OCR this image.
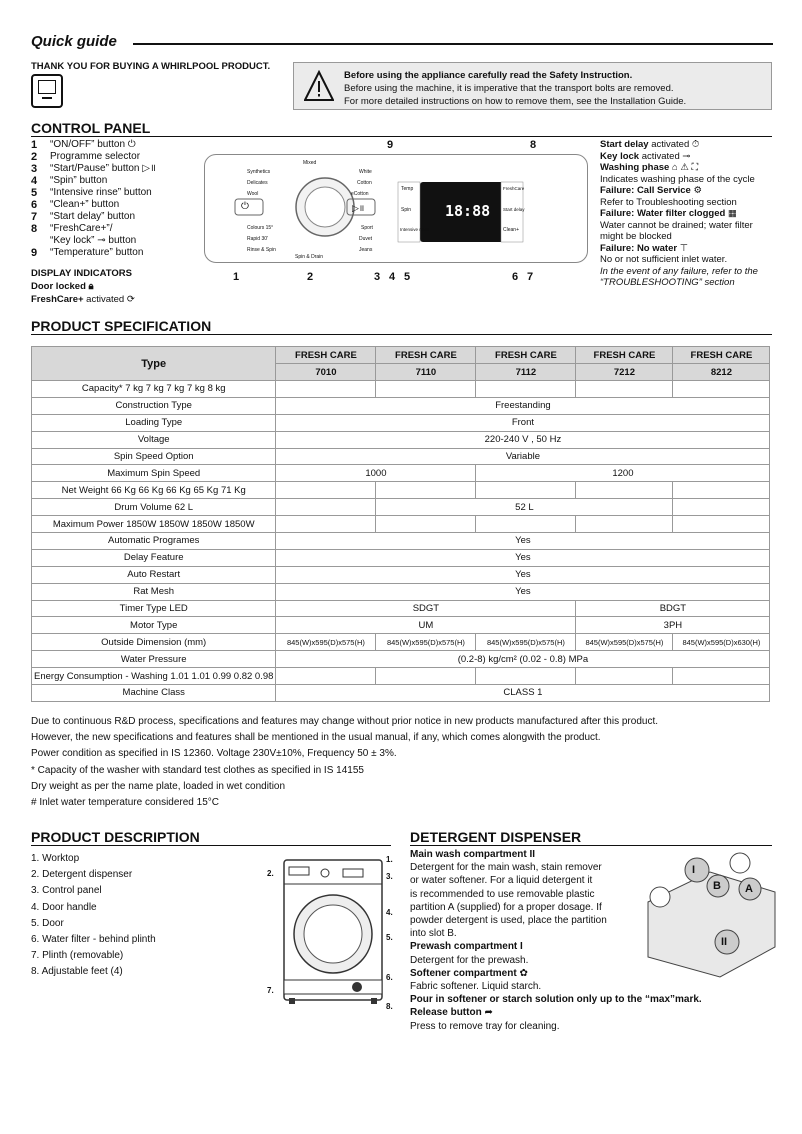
Quick guide
THANK YOU FOR BUYING A WHIRLPOOL PRODUCT.
Before using the appliance carefully read the Safety Instruction.
Before using the machine, it is imperative that the transport bolts are removed.
For more detailed instructions on how to remove them, see the Installation Guide.
CONTROL PANEL
1	“ON/OFF” button ⏻
2	Programme selector
3	“Start/Pause” button ▷॥
4	“Spin” button
5	“Intensive rinse” button
6	“Clean+” button
7	“Start delay” button
8	“FreshCare+”/
“Key lock” ⊸ button
9	“Temperature” button
DISPLAY INDICATORS
Door locked 🔒︎
FreshCare+ activated ⟳
9	8
Synthetics
Mixed
White
Delicates	Cotton
Wool	eCotton
Colours 15°	Sport
Rapid 30'	Duvet
Rinse & Spin	Jeans
Spin & Drain
Temp
Spin
Intensive rinse
FreshCare
Start delay
Clean+
18:88
⏻	▷॥
1	2	3 4 5	6 7
Start delay activated ⏱
Key lock activated ⊸
Washing phase ⌂ ⚠ ⛶
Indicates washing phase of the cycle
Failure: Call Service ⚙
Refer to Troubleshooting section
Failure: Water filter clogged ▦
Water cannot be drained; water filter
might be blocked
Failure: No water ⊤
No or not sufficient inlet water.
In the event of any failure, refer to the
“TROUBLESHOOTING” section
PRODUCT SPECIFICATION
Type	FRESH CARE	FRESH CARE	FRESH CARE	FRESH CARE	FRESH CARE
	7010	7110	7112	7212	8212
Capacity* 7 kg 7 kg 7 kg 7 kg 8 kg					
Construction Type	Freestanding				
Loading Type	Front				
Voltage	220-240 V , 50 Hz				
Spin Speed Option	Variable				
Maximum Spin Speed	1000		1200		
Net Weight 66 Kg 66 Kg 66 Kg 65 Kg 71 Kg					
Drum Volume 62 L		52 L			
Maximum Power 1850W 1850W 1850W 1850W					
Automatic Programes	Yes				
Delay Feature	Yes				
Auto Restart	Yes				
Rat Mesh	Yes				
Timer Type LED	SDGT			BDGT	
Motor Type	UM			3PH	
Outside Dimension (mm)	845(W)x595(D)x575(H)	845(W)x595(D)x575(H)	845(W)x595(D)x575(H)	845(W)x595(D)x575(H)	845(W)x595(D)x630(H)
Water Pressure	(0.2-8) kg/cm² (0.02 - 0.8) MPa				
Energy Consumption - Washing 1.01 1.01 0.99 0.82 0.98					
Machine Class	CLASS 1				
Due to continuous R&D process, specifications and features may change without prior notice in new products manufactured after this product.
However, the new specifications and features shall be mentioned in the usual manual, if any, which comes alongwith the product.
Power condition as specified in IS 12360. Voltage 230V±10%, Frequency 50 ± 3%.
* Capacity of the washer with standard test clothes as specified in IS 14155
Dry weight as per the name plate, loaded in wet condition
# Inlet water temperature considered 15°C
PRODUCT DESCRIPTION
1. Worktop
2. Detergent dispenser
3. Control panel
4. Door handle
5. Door
6. Water filter - behind plinth
7. Plinth (removable)
8. Adjustable feet (4)
1.
2.	3.
4.
5.
6.
7.
8.
DETERGENT DISPENSER
Main wash compartment II
Detergent for the main wash, stain remover
or water softener. For a liquid detergent it
is recommended to use removable plastic
partition A (supplied) for a proper dosage. If
powder detergent is used, place the partition
into slot B.
Prewash compartment I
Detergent for the prewash.
Softener compartment ✿
Fabric softener. Liquid starch.
Pour in softener or starch solution only up to the “max”mark.
Release button ➦
Press to remove tray for cleaning.
I
B A
II
